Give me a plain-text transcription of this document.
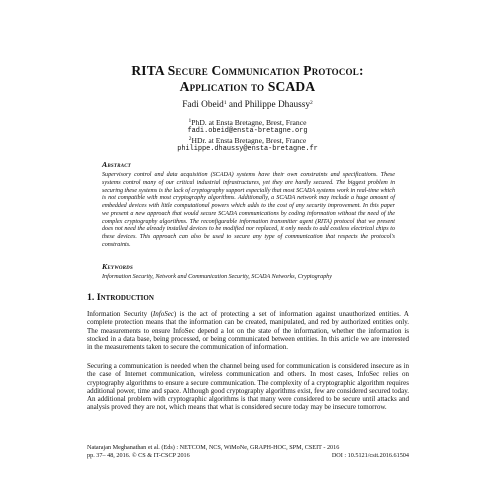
RITA Secure Communication Protocol:
Application to SCADA
Fadi Obeid$^1$ and Philippe Dhaussy$^2$
$^1$PhD. at Ensta Bretagne, Brest, France
fadi.obeid@ensta-bretagne.org
$^2$HDr. at Ensta Bretagne, Brest, France
philippe.dhaussy@ensta-bretagne.fr
Abstract

Supervisory control and data acquisition (SCADA) systems have their own constraints and specifications. These systems control many of our critical industrial infrastructures, yet they are hardly secured. The biggest problem in securing these systems is the lack of cryptography support especially that most SCADA systems work in real-time which is not compatible with most cryptography algorithms. Additionally, a SCADA network may include a huge amount of embedded devices with little computational powers which adds to the cost of any security improvement. In this paper we present a new approach that would secure SCADA communications by coding information without the need of the complex cryptography algorithms. The reconfigurable information transmitter agent (RITA) protocol that we present does not need the already installed devices to be modified nor replaced, it only needs to add costless electrical chips to these devices. This approach can also be used to secure any type of communication that respects the protocol's constraints.

Keywords

Information Security, Network and Communication Security, SCADA Networks, Cryptography

1. Introduction

Information Security (InfoSec) is the act of protecting a set of information against unauthorized entities. A complete protection means that the information can be created, manipulated, and red by authorized entities only. The measurements to ensure InfoSec depend a lot on the state of the information, whether the information is stocked in a data base, being processed, or being communicated between entities. In this article we are interested in the measurements taken to secure the communication of information.

Securing a communication is needed when the channel being used for communication is considered insecure as in the case of Internet communication, wireless communication and others. In most cases, InfoSec relies on cryptography algorithms to ensure a secure communication. The complexity of a cryptographic algorithm requires additional power, time and space. Although good cryptography algorithms exist, few are considered secured today. An additional problem with cryptographic algorithms is that many were considered to be secure until attacks and analysis proved they are not, which means that what is considered secure today may be insecure tomorrow.

Natarajan Meghanathan et al. (Eds) : NETCOM, NCS, WiMoNe, GRAPH-HOC, SPM, CSEIT - 2016
pp. 37– 48, 2016. © CS & IT-CSCP 2016	DOI : 10.5121/csit.2016.61504
